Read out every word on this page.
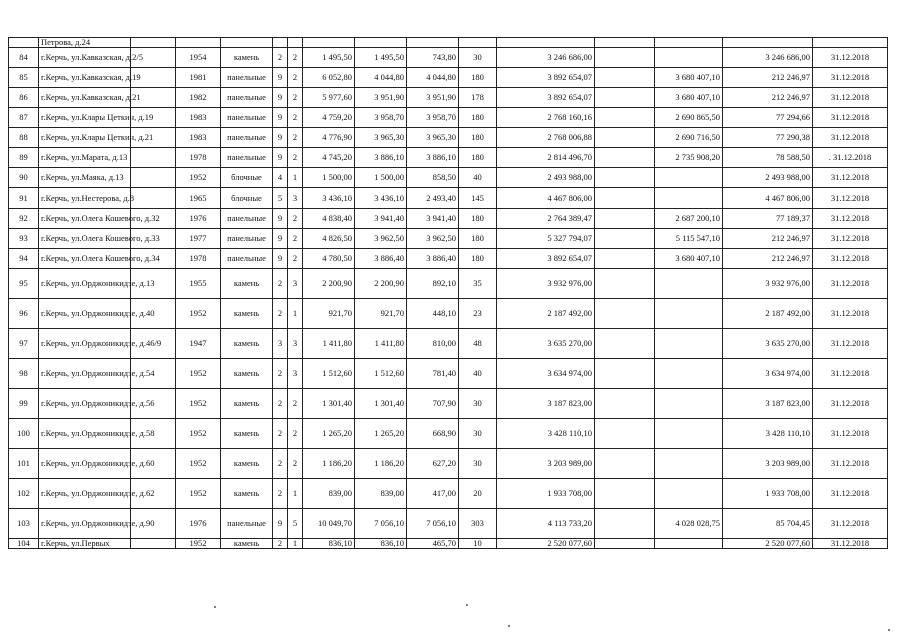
	Петрова, д.24														
84	г.Керчь, ул.Кавказская, д.2/5		1954	камень	2	2	1 495,50	1 495,50	743,80	30	3 246 686,00			3 246 686,00	31.12.2018
85	г.Керчь, ул.Кавказская, д.19		1981	панельные	9	2	6 052,80	4 044,80	4 044,80	180	3 892 654,07		3 680 407,10	212 246,97	31.12.2018
86	г.Керчь, ул.Кавказская, д.21		1982	панельные	9	2	5 977,60	3 951,90	3 951,90	178	3 892 654,07		3 680 407,10	212 246,97	31.12.2018
87	г.Керчь, ул.Клары Цеткин, д.19		1983	панельные	9	2	4 759,20	3 958,70	3 958,70	180	2 768 160,16		2 690 865,50	77 294,66	31.12.2018
88	г.Керчь, ул.Клары Цеткин, д.21		1983	панельные	9	2	4 776,90	3 965,30	3 965,30	180	2 768 006,88		2 690 716,50	77 290,38	31.12.2018
89	г.Керчь, ул.Марата, д.13		1978	панельные	9	2	4 745,20	3 886,10	3 886,10	180	2 814 496,70		2 735 908,20	78 588,50	. 31.12.2018
90	г.Керчь, ул.Маяка, д.13		1952	блочные	4	1	1 500,00	1 500,00	858,50	40	2 493 988,00			2 493 988,00	31.12.2018
91	г.Керчь, ул.Нестерова, д.8		1965	блочные	5	3	3 436,10	3 436,10	2 493,40	145	4 467 806,00			4 467 806,00	31.12.2018
92	г.Керчь, ул.Олега Кошевого, д.32		1976	панельные	9	2	4 838,40	3 941,40	3 941,40	180	2 764 389,47		2 687 200,10	77 189,37	31.12.2018
93	г.Керчь, ул.Олега Кошевого, д.33		1977	панельные	9	2	4 826,50	3 962,50	3 962,50	180	5 327 794,07		5 115 547,10	212 246,97	31.12.2018
94	г.Керчь, ул.Олега Кошевого, д.34		1978	панельные	9	2	4 780,50	3 886,40	3 886,40	180	3 892 654,07		3 680 407,10	212 246,97	31.12.2018
95	г.Керчь, ул.Орджоникидзе, д.13		1955	камень	2	3	2 200,90	2 200,90	892,10	35	3 932 976,00			3 932 976,00	31.12.2018
96	г.Керчь, ул.Орджоникидзе, д.40		1952	камень	2	1	921,70	921,70	448,10	23	2 187 492,00			2 187 492,00	31.12.2018
97	г.Керчь, ул.Орджоникидзе, д.46/9		1947	камень	3	3	1 411,80	1 411,80	810,00	48	3 635 270,00			3 635 270,00	31.12.2018
98	г.Керчь, ул.Орджоникидзе, д.54		1952	камень	2	3	1 512,60	1 512,60	781,40	40	3 634 974,00			3 634 974,00	31.12.2018
99	г.Керчь, ул.Орджоникидзе, д.56		1952	камень	2	2	1 301,40	1 301,40	707,90	30	3 187 823,00			3 187 823,00	31.12.2018
100	г.Керчь, ул.Орджоникидзе, д.58		1952	камень	2	2	1 265,20	1 265,20	668,90	30	3 428 110,10			3 428 110,10	31.12.2018
101	г.Керчь, ул.Орджоникидзе, д.60		1952	камень	2	2	1 186,20	1 186,20	627,20	30	3 203 989,00			3 203 989,00	31.12.2018
102	г.Керчь, ул.Орджоникидзе, д.62		1952	камень	2	1	839,00	839,00	417,00	20	1 933 708,00			1 933 708,00	31.12.2018
103	г.Керчь, ул.Орджоникидзе, д.90		1976	панельные	9	5	10 049,70	7 056,10	7 056,10	303	4 113 733,20		4 028 028,75	85 704,45	31.12.2018
104	г.Керчь, ул.Первых		1952	камень	2	1	836,10	836,10	465,70	10	2 520 077,60			2 520 077,60	31.12.2018
